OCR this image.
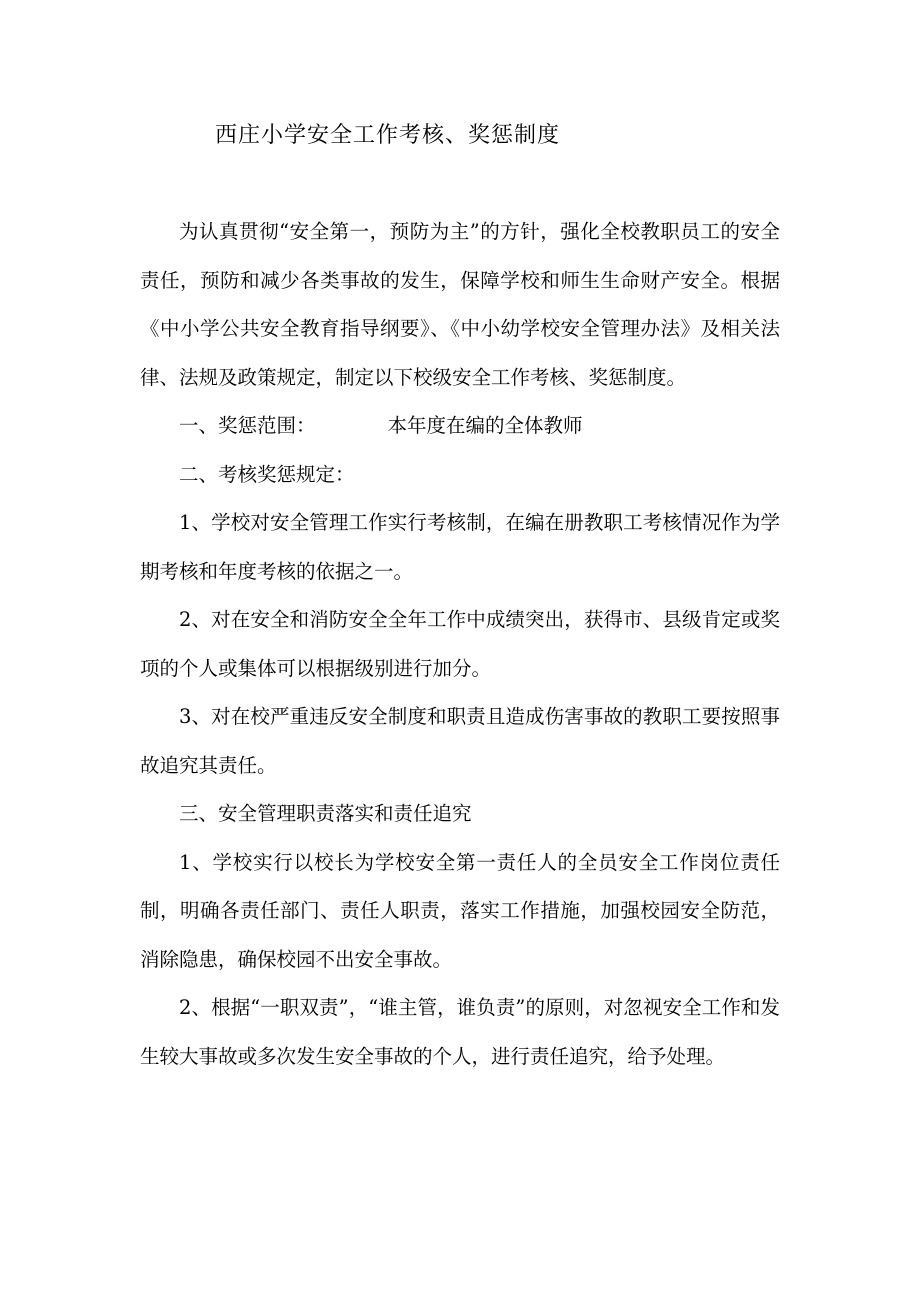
西庄小学安全工作考核、奖惩制度

为认真贯彻“安全第一，预防为主”的方针，强化全校教职员工的安全责任，预防和减少各类事故的发生，保障学校和师生生命财产安全。根据《中小学公共安全教育指导纲要》、《中小幼学校安全管理办法》及相关法律、法规及政策规定，制定以下校级安全工作考核、奖惩制度。

一、奖惩范围：	本年度在编的全体教师

二、考核奖惩规定：

1、学校对安全管理工作实行考核制，在编在册教职工考核情况作为学期考核和年度考核的依据之一。

2、对在安全和消防安全全年工作中成绩突出，获得市、县级肯定或奖项的个人或集体可以根据级别进行加分。

3、对在校严重违反安全制度和职责且造成伤害事故的教职工要按照事故追究其责任。

三、安全管理职责落实和责任追究

1、学校实行以校长为学校安全第一责任人的全员安全工作岗位责任制，明确各责任部门、责任人职责，落实工作措施，加强校园安全防范，消除隐患，确保校园不出安全事故。

2、根据“一职双责”，“谁主管，谁负责”的原则，对忽视安全工作和发生较大事故或多次发生安全事故的个人，进行责任追究，给予处理。
